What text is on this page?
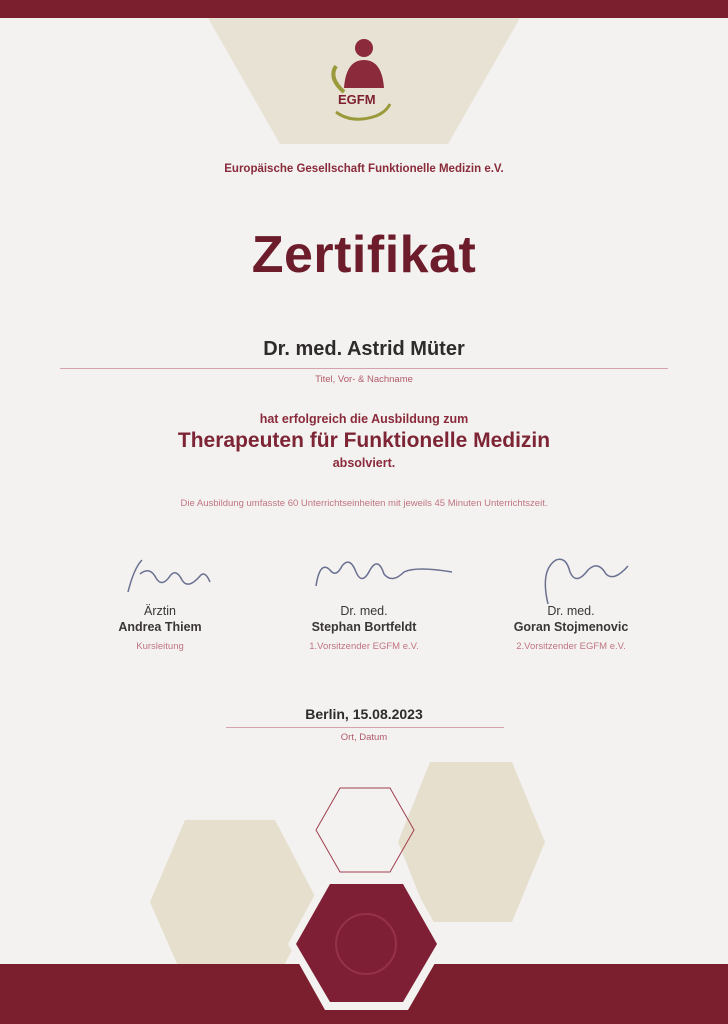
EGFM
Europäische Gesellschaft Funktionelle Medizin e.V.
Zertifikat
Dr. med. Astrid Müter
Titel, Vor- & Nachname
hat erfolgreich die Ausbildung zum
Therapeuten für Funktionelle Medizin
absolviert.
Die Ausbildung umfasste 60 Unterrichtseinheiten mit jeweils 45 Minuten Unterrichtszeit.
Ärztin
Andrea Thiem
Kursleitung
Dr. med.
Stephan Bortfeldt
1.Vorsitzender EGFM e.V.
Dr. med.
Goran Stojmenovic
2.Vorsitzender EGFM e.V.
Berlin, 15.08.2023
Ort, Datum
